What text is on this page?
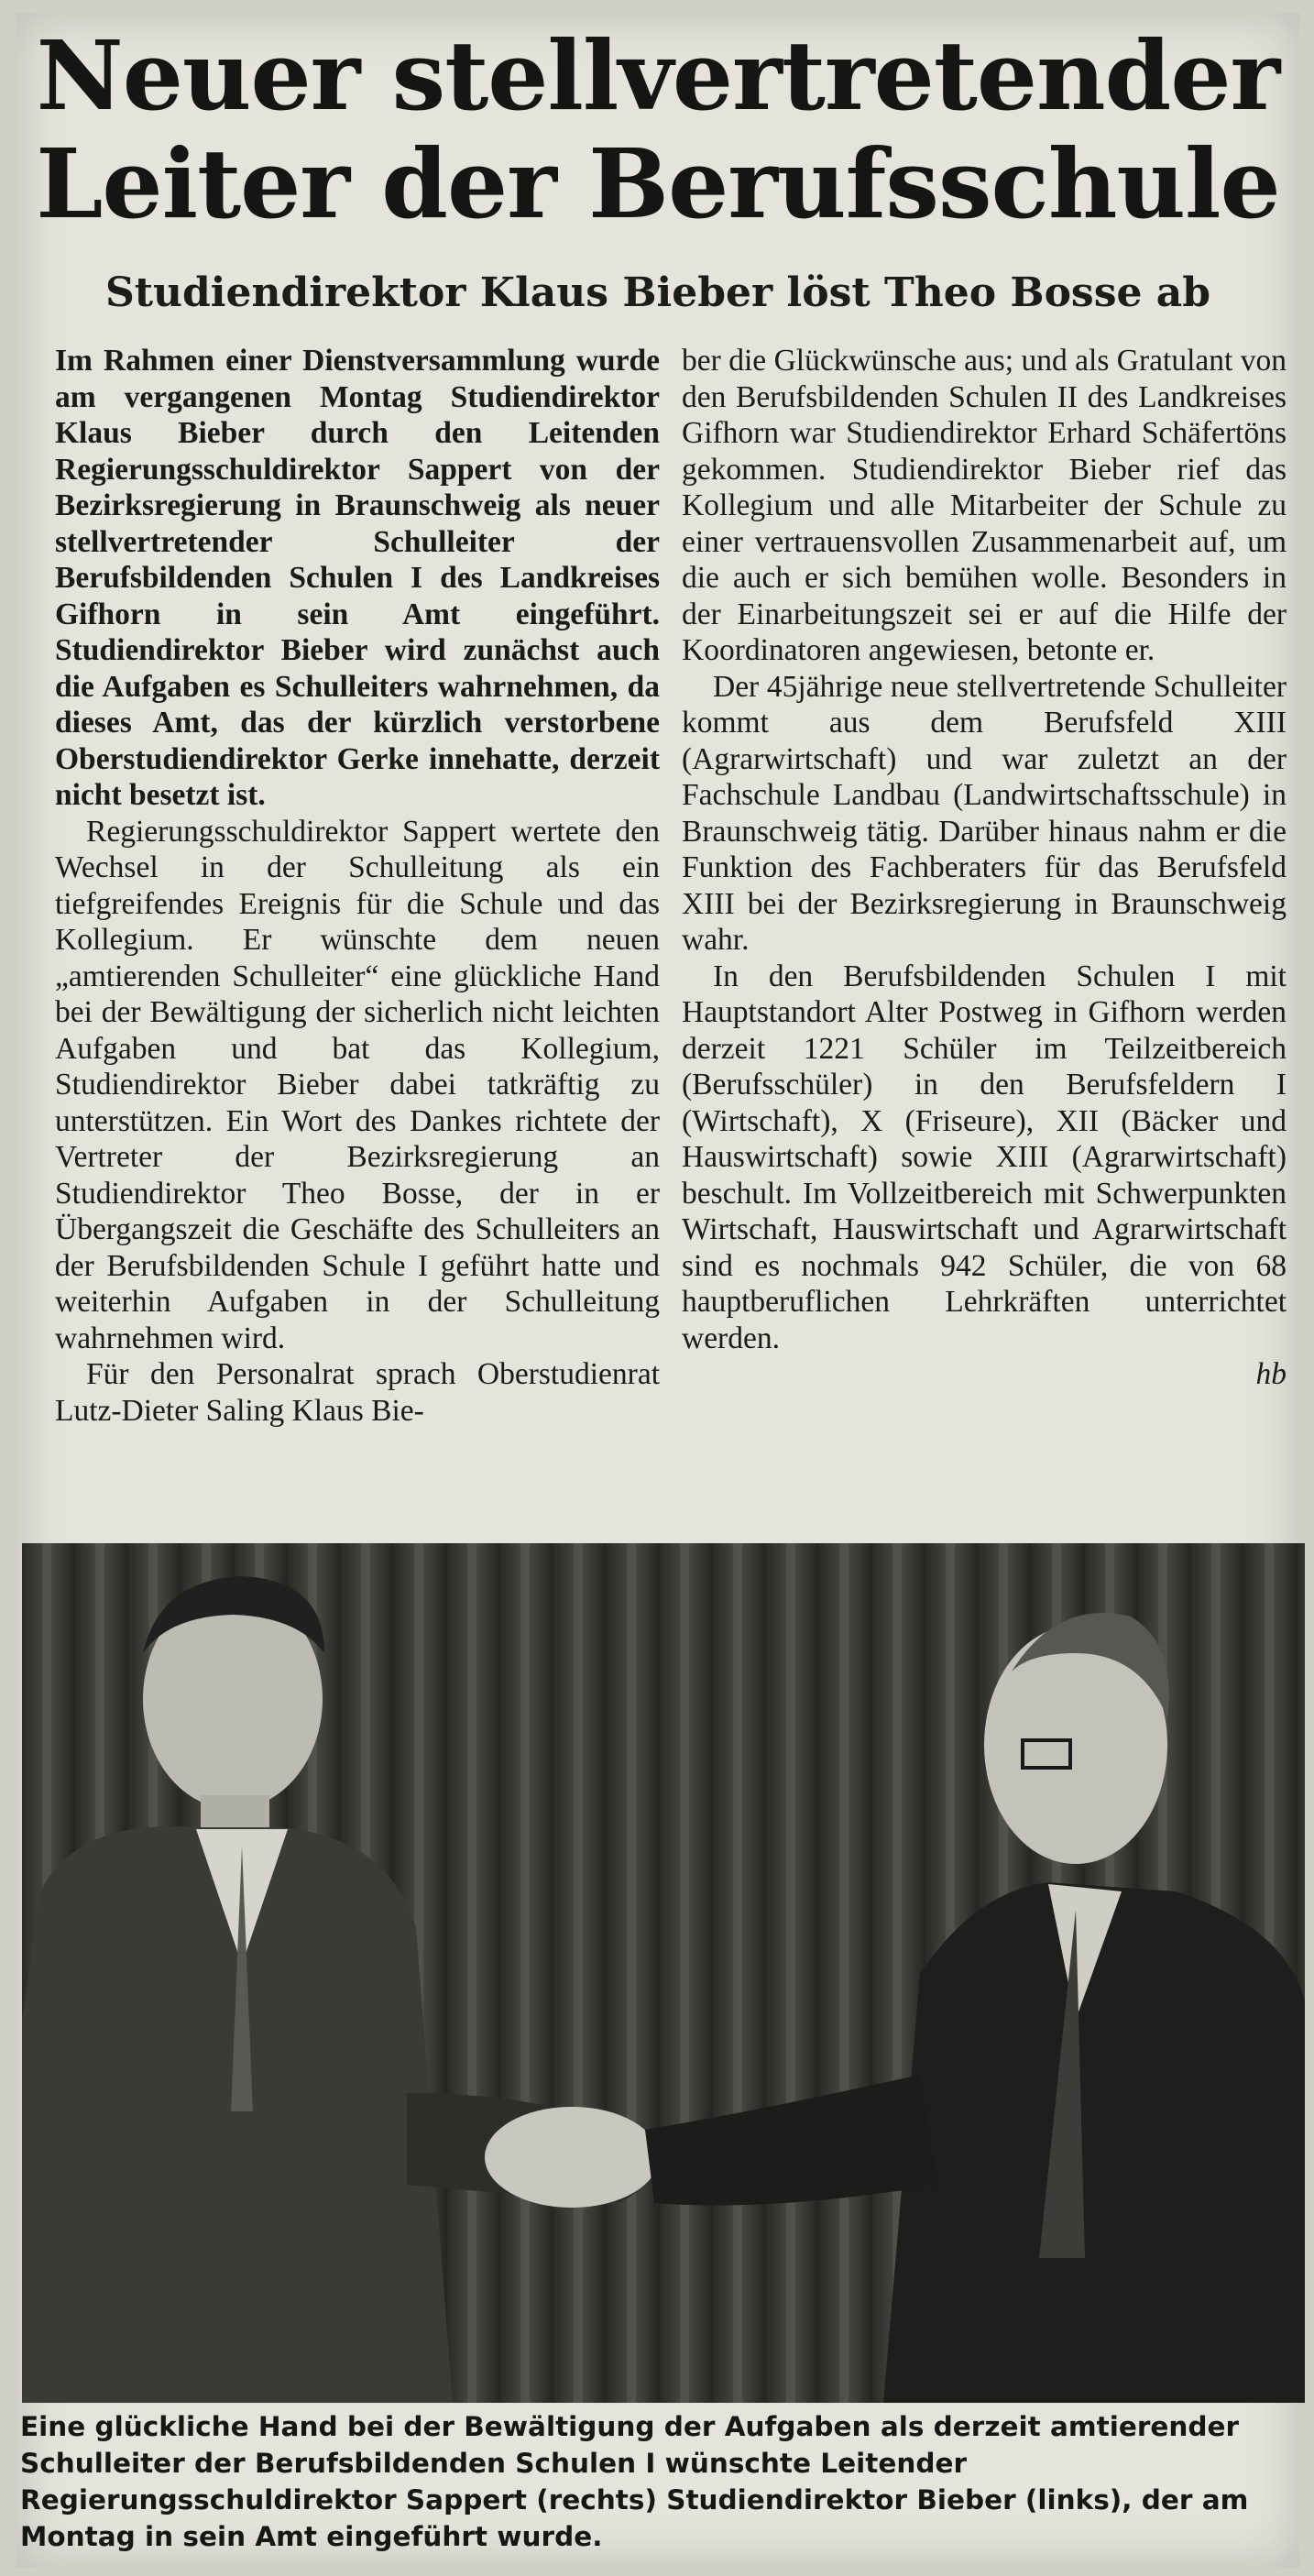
Neuer stellvertretender
Leiter der Berufsschule
Studiendirektor Klaus Bieber löst Theo Bosse ab

Im Rahmen einer Dienstversammlung wurde am vergangenen Montag Studiendirektor Klaus Bieber durch den Leitenden Regierungsschuldirektor Sappert von der Bezirksregierung in Braunschweig als neuer stellvertretender Schulleiter der Berufsbildenden Schulen I des Landkreises Gifhorn in sein Amt eingeführt. Studiendirektor Bieber wird zunächst auch die Aufgaben es Schulleiters wahrnehmen, da dieses Amt, das der kürzlich verstorbene Oberstudiendirektor Gerke innehatte, derzeit nicht besetzt ist.

Regierungsschuldirektor Sappert wertete den Wechsel in der Schulleitung als ein tiefgreifendes Ereignis für die Schule und das Kollegium. Er wünschte dem neuen „amtierenden Schulleiter“ eine glückliche Hand bei der Bewältigung der sicherlich nicht leichten Aufgaben und bat das Kollegium, Studiendirektor Bieber dabei tatkräftig zu unterstützen. Ein Wort des Dankes richtete der Vertreter der Bezirksregierung an Studiendirektor Theo Bosse, der in er Übergangszeit die Geschäfte des Schulleiters an der Berufsbildenden Schule I geführt hatte und weiterhin Aufgaben in der Schulleitung wahrnehmen wird.

Für den Personalrat sprach Oberstudienrat Lutz-Dieter Saling Klaus Bie-

ber die Glückwünsche aus; und als Gratulant von den Berufsbildenden Schulen II des Landkreises Gifhorn war Studiendirektor Erhard Schäfertöns gekommen. Studiendirektor Bieber rief das Kollegium und alle Mitarbeiter der Schule zu einer vertrauensvollen Zusammenarbeit auf, um die auch er sich bemühen wolle. Besonders in der Einarbeitungszeit sei er auf die Hilfe der Koordinatoren angewiesen, betonte er.

Der 45jährige neue stellvertretende Schulleiter kommt aus dem Berufsfeld XIII (Agrarwirtschaft) und war zuletzt an der Fachschule Landbau (Landwirtschaftsschule) in Braunschweig tätig. Darüber hinaus nahm er die Funktion des Fachberaters für das Berufsfeld XIII bei der Bezirksregierung in Braunschweig wahr.

In den Berufsbildenden Schulen I mit Hauptstandort Alter Postweg in Gifhorn werden derzeit 1221 Schüler im Teilzeitbereich (Berufsschüler) in den Berufsfeldern I (Wirtschaft), X (Friseure), XII (Bäcker und Hauswirtschaft) sowie XIII (Agrarwirtschaft) beschult. Im Vollzeitbereich mit Schwerpunkten Wirtschaft, Hauswirtschaft und Agrarwirtschaft sind es nochmals 942 Schüler, die von 68 hauptberuflichen Lehrkräften unterrichtet werden.

hb
Eine glückliche Hand bei der Bewältigung der Aufgaben als derzeit amtierender Schulleiter der Berufsbildenden Schulen I wünschte Leitender Regierungsschuldirektor Sappert (rechts) Studiendirektor Bieber (links), der am Montag in sein Amt eingeführt wurde.
